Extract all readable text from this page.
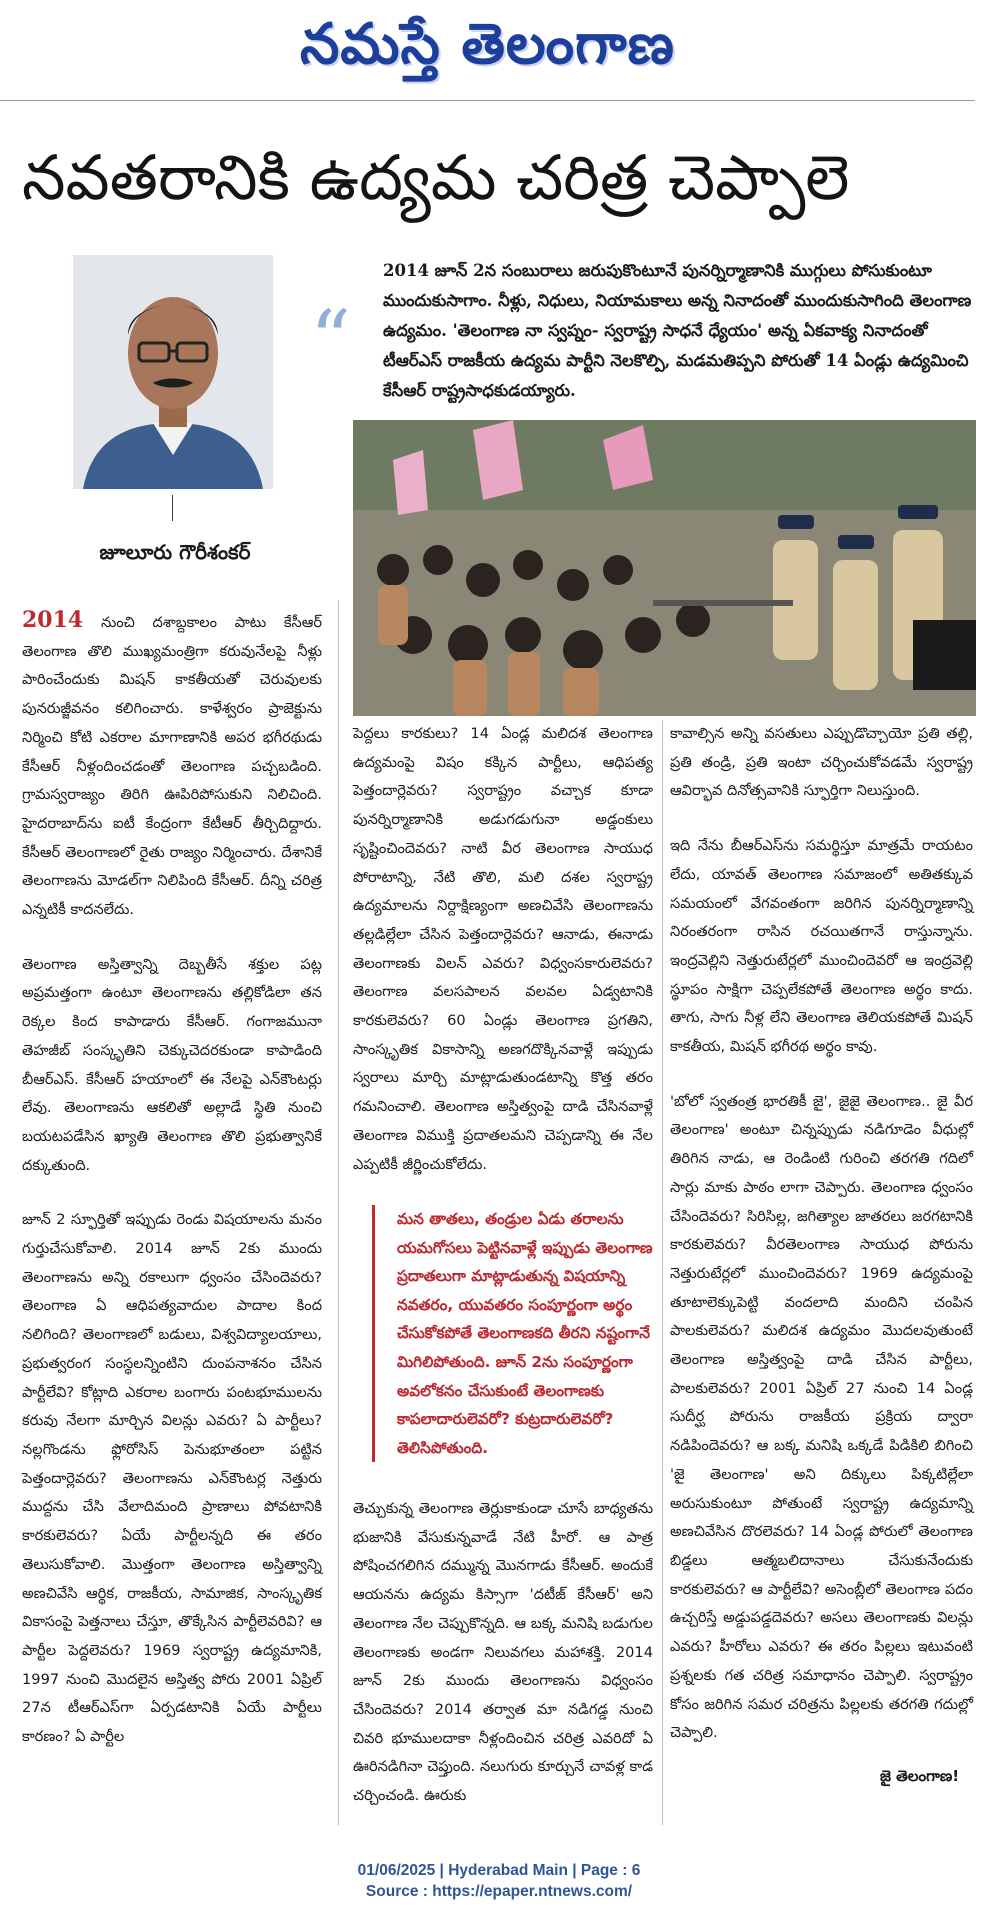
నమస్తే తెలంగాణ
నవతరానికి ఉద్యమ చరిత్ర చెప్పాలె
జూలూరు గౌరీశంకర్
“
2014 జూన్ 2న సంబురాలు జరుపుకొంటూనే పునర్నిర్మాణానికి ముగ్గులు పోసుకుంటూ ముందుకుసాగాం. నీళ్లు, నిధులు, నియామకాలు అన్న నినాదంతో ముందుకుసాగింది తెలంగాణ ఉద్యమం. 'తెలంగాణ నా స్వప్నం- స్వరాష్ట్ర సాధనే ధ్యేయం' అన్న ఏకవాక్య నినాదంతో టీఆర్ఎస్ రాజకీయ ఉద్యమ పార్టీని నెలకొల్పి, మడమతిప్పని పోరుతో 14 ఏండ్లు ఉద్యమించి కేసీఆర్ రాష్ట్రసాధకుడయ్యారు.

2014 నుంచి దశాబ్దకాలం పాటు కేసీఆర్ తెలంగాణ తొలి ముఖ్యమంత్రిగా కరువునేలపై నీళ్లు పారించేందుకు మిషన్ కాకతీయతో చెరువులకు పునరుజ్జీవనం కలిగించారు. కాళేశ్వరం ప్రాజెక్టును నిర్మించి కోటి ఎకరాల మాగాణానికి అపర భగీరథుడు కేసీఆర్ నీళ్లందించడంతో తెలంగాణ పచ్చబడింది. గ్రామస్వరాజ్యం తిరిగి ఊపిరిపోసుకుని నిలిచింది. హైదరాబాద్‌ను ఐటీ కేంద్రంగా కేటీఆర్ తీర్చిదిద్దారు. కేసీఆర్ తెలంగాణలో రైతు రాజ్యం నిర్మించారు. దేశానికే తెలంగాణను మోడల్‌గా నిలిపింది కేసీఆర్. దీన్ని చరిత్ర ఎన్నటికీ కాదనలేదు.

తెలంగాణ అస్తిత్వాన్ని దెబ్బతీసే శక్తుల పట్ల అప్రమత్తంగా ఉంటూ తెలంగాణను తల్లికోడిలా తన రెక్కల కింద కాపాడారు కేసీఆర్. గంగాజమునా తెహజీబ్ సంస్కృతిని చెక్కుచెదరకుండా కాపాడింది బీఆర్ఎస్. కేసీఆర్ హయాంలో ఈ నేలపై ఎన్‌కౌంటర్లు లేవు. తెలంగాణను ఆకలితో అల్లాడే స్థితి నుంచి బయటపడేసిన ఖ్యాతి తెలంగాణ తొలి ప్రభుత్వానికే దక్కుతుంది.

జూన్ 2 స్ఫూర్తితో ఇప్పుడు రెండు విషయాలను మనం గుర్తుచేసుకోవాలి. 2014 జూన్ 2కు ముందు తెలంగాణను అన్ని రకాలుగా ధ్వంసం చేసిందెవరు? తెలంగాణ ఏ ఆధిపత్యవాదుల పాదాల కింద నలిగింది? తెలంగాణలో బడులు, విశ్వవిద్యాలయాలు, ప్రభుత్వరంగ సంస్థలన్నింటిని దుంపనాశనం చేసిన పార్టీలేవి? కోట్లాది ఎకరాల బంగారు పంటభూములను కరువు నేలగా మార్చిన విలన్లు ఎవరు? ఏ పార్టీలు? నల్లగొండను ఫ్లోరోసిస్ పెనుభూతంలా పట్టిన పెత్తందార్లెవరు? తెలంగాణను ఎన్‌కౌంటర్ల నెత్తురు ముద్దను చేసి వేలాదిమంది ప్రాణాలు పోవటానికి కారకులెవరు? ఏయే పార్టీలన్నది ఈ తరం తెలుసుకోవాలి. మొత్తంగా తెలంగాణ అస్తిత్వాన్ని అణచివేసి ఆర్థిక, రాజకీయ, సామాజిక, సాంస్కృతిక వికాసంపై పెత్తనాలు చేస్తూ, తొక్కేసిన పార్టీలెవరివి? ఆ పార్టీల పెద్దలెవరు? 1969 స్వరాష్ట్ర ఉద్యమానికి, 1997 నుంచి మొదలైన అస్తిత్వ పోరు 2001 ఏప్రిల్ 27న టీఆర్ఎస్‌గా ఏర్పడటానికి ఏయే పార్టీలు కారణం? ఏ పార్టీల

పెద్దలు కారకులు? 14 ఏండ్ల మలిదశ తెలంగాణ ఉద్యమంపై విషం కక్కిన పార్టీలు, ఆధిపత్య పెత్తందార్లెవరు? స్వరాష్ట్రం వచ్చాక కూడా పునర్నిర్మాణానికి అడుగడుగునా అడ్డంకులు సృష్టించిందెవరు? నాటి వీర తెలంగాణ సాయుధ పోరాటాన్ని, నేటి తొలి, మలి దశల స్వరాష్ట్ర ఉద్యమాలను నిర్దాక్షిణ్యంగా అణచివేసి తెలంగాణను తల్లడిల్లేలా చేసిన పెత్తందార్లెవరు? ఆనాడు, ఈనాడు తెలంగాణకు విలన్ ఎవరు? విధ్వంసకారులెవరు? తెలంగాణ వలసపాలన వలవల ఏడ్వటానికి కారకులెవరు? 60 ఏండ్లు తెలంగాణ ప్రగతిని, సాంస్కృతిక వికాసాన్ని అణగదొక్కినవాళ్లే ఇప్పుడు స్వరాలు మార్చి మాట్లాడుతుండటాన్ని కొత్త తరం గమనించాలి. తెలంగాణ అస్తిత్వంపై దాడి చేసినవాళ్లే తెలంగాణ విముక్తి ప్రదాతలమని చెప్పడాన్ని ఈ నేల ఎప్పటికీ జీర్ణించుకోలేదు.

మన తాతలు, తండ్రుల ఏడు తరాలను యమగోసలు పెట్టినవాళ్లే ఇప్పుడు తెలంగాణ ప్రదాతలుగా మాట్లాడుతున్న విషయాన్ని నవతరం, యువతరం సంపూర్ణంగా అర్థం చేసుకోకపోతే తెలంగాణకది తీరని నష్టంగానే మిగిలిపోతుంది. జూన్ 2ను సంపూర్ణంగా అవలోకనం చేసుకుంటే తెలంగాణకు కాపలాదారులెవరో? కుట్రదారులెవరో? తెలిసిపోతుంది.

తెచ్చుకున్న తెలంగాణ తెర్లుకాకుండా చూసే బాధ్యతను భుజానికి వేసుకున్నవాడే నేటి హీరో. ఆ పాత్ర పోషించగలిగిన దమ్మున్న మొనగాడు కేసీఆర్. అందుకే ఆయనను ఉద్యమ కిస్సాగా 'దటీజ్ కేసీఆర్' అని తెలంగాణ నేల చెప్పుకొన్నది. ఆ బక్క మనిషి బడుగుల తెలంగాణకు అండగా నిలువగలు మహాశక్తి. 2014 జూన్ 2కు ముందు తెలంగాణను విధ్వంసం చేసిందెవరు? 2014 తర్వాత మా నడిగడ్డ నుంచి చివరి భూములదాకా నీళ్లందించిన చరిత్ర ఎవరిదో ఏ ఊరినడిగినా చెప్తుంది. నలుగురు కూర్చునే చావళ్ల కాడ చర్చించండి. ఊరుకు

కావాల్సిన అన్ని వసతులు ఎప్పుడొచ్చాయో ప్రతి తల్లి, ప్రతి తండ్రి, ప్రతి ఇంటా చర్చించుకోవడమే స్వరాష్ట్ర ఆవిర్భావ దినోత్సవానికి స్ఫూర్తిగా నిలుస్తుంది.

ఇది నేను బీఆర్ఎస్‌ను సమర్థిస్తూ మాత్రమే రాయటం లేదు, యావత్ తెలంగాణ సమాజంలో అతితక్కువ సమయంలో వేగవంతంగా జరిగిన పునర్నిర్మాణాన్ని నిరంతరంగా రాసిన రచయితగానే రాస్తున్నాను. ఇంద్రవెల్లిని నెత్తురుటేర్లలో ముంచిందెవరో ఆ ఇంద్రవెల్లి స్థూపం సాక్షిగా చెప్పలేకపోతే తెలంగాణ అర్థం కాదు. తాగు, సాగు నీళ్ల లేని తెలంగాణ తెలియకపోతే మిషన్ కాకతీయ, మిషన్ భగీరథ అర్థం కావు.

'బోలో స్వతంత్ర భారతికీ జై', జైజై తెలంగాణ.. జై వీర తెలంగాణ' అంటూ చిన్నప్పుడు నడిగూడెం వీధుల్లో తిరిగిన నాడు, ఆ రెండింటి గురించి తరగతి గదిలో సార్లు మాకు పాఠం లాగా చెప్పారు. తెలంగాణ ధ్వంసం చేసిందెవరు? సిరిసిల్ల, జగిత్యాల జాతరలు జరగటానికి కారకులెవరు? వీరతెలంగాణ సాయుధ పోరును నెత్తురుటేర్లలో ముంచిందెవరు? 1969 ఉద్యమంపై తూటాలెక్కుపెట్టి వందలాది మందిని చంపిన పాలకులెవరు? మలిదశ ఉద్యమం మొదలవుతుంటే తెలంగాణ అస్తిత్వంపై దాడి చేసిన పార్టీలు, పాలకులెవరు? 2001 ఏప్రిల్ 27 నుంచి 14 ఏండ్ల సుదీర్ఘ పోరును రాజకీయ ప్రక్రియ ద్వారా నడిపిందెవరు? ఆ బక్క మనిషి ఒక్కడే పిడికిలి బిగించి 'జై తెలంగాణ' అని దిక్కులు పిక్కటిల్లేలా అరుసుకుంటూ పోతుంటే స్వరాష్ట్ర ఉద్యమాన్ని అణచివేసిన దొరలెవరు? 14 ఏండ్ల పోరులో తెలంగాణ బిడ్డలు ఆత్మబలిదానాలు చేసుకునేందుకు కారకులెవరు? ఆ పార్టీలేవి? అసెంబ్లీలో తెలంగాణ పదం ఉచ్చరిస్తే అడ్డుపడ్డదెవరు? అసలు తెలంగాణకు విలన్లు ఎవరు? హీరోలు ఎవరు? ఈ తరం పిల్లలు ఇటువంటి ప్రశ్నలకు గత చరిత్ర సమాధానం చెప్పాలి. స్వరాష్ట్రం కోసం జరిగిన సమర చరిత్రను పిల్లలకు తరగతి గదుల్లో చెప్పాలి.

జై తెలంగాణ!
01/06/2025 | Hyderabad Main | Page : 6
Source : https://epaper.ntnews.com/
